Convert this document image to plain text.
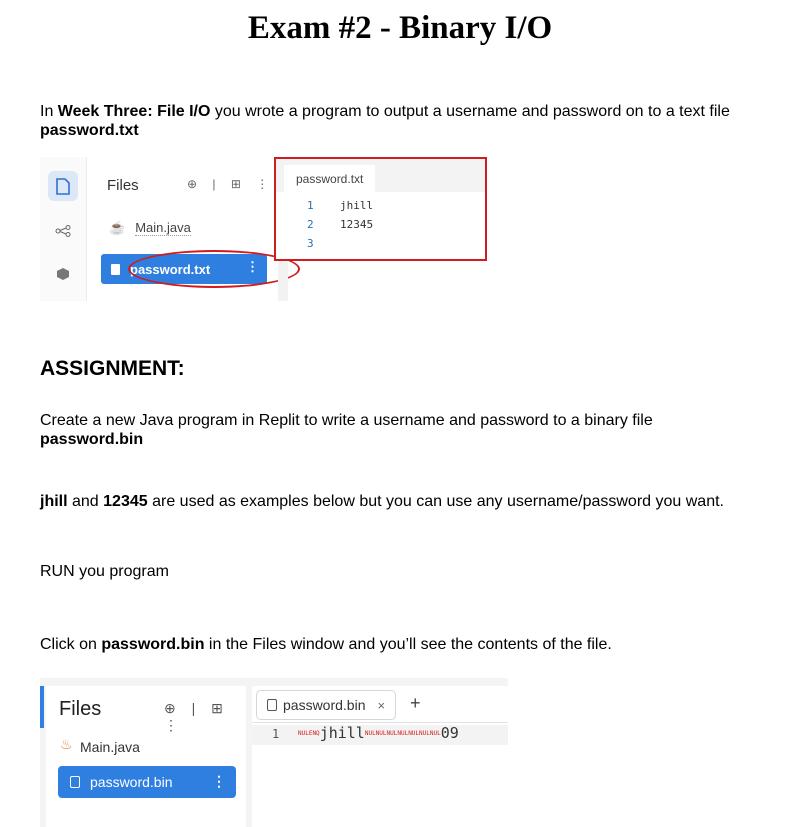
Exam #2 - Binary I/O
In Week Three: File I/O you wrote a program to output a username and password on to a text file
password.txt
Files	⊕ | ⊞ ⋮
☕ Main.java
password.txt	⋮
password.txt
1 jhill
2 12345
3
ASSIGNMENT:
Create a new Java program in Replit to write a username and password to a binary file
password.bin
jhill and 12345 are used as examples below but you can use any username/password you want.
RUN you program
Click on password.bin in the Files window and you’ll see the contents of the file.
Files	⊕ | ⊞ ⋮
♨ Main.java
password.bin	⋮
password.bin × +
1	NULENQjhillNULNULNULNULNULNULNUL09
